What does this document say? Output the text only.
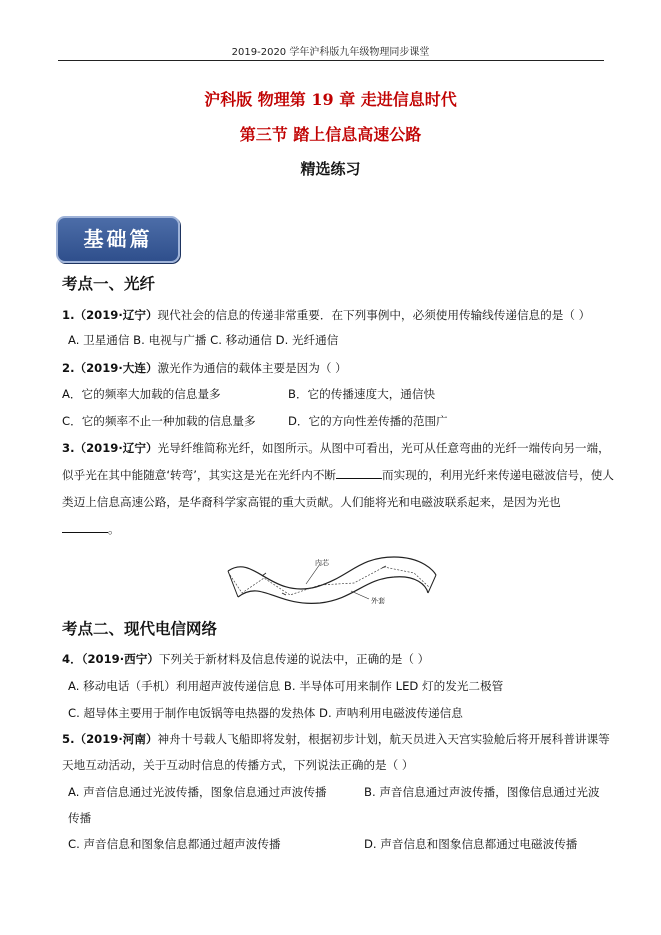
2019-2020 学年沪科版九年级物理同步课堂
沪科版 物理第 19 章 走进信息时代
第三节 踏上信息高速公路
精选练习
基础篇
考点一、光纤
1.（2019·辽宁）现代社会的信息的传递非常重要．在下列事例中，必须使用传输线传递信息的是（ ）
A. 卫星通信 B. 电视与广播 C. 移动通信 D. 光纤通信
2.（2019·大连）激光作为通信的载体主要是因为（ ）
A．它的频率大加载的信息量多	B．它的传播速度大，通信快
C．它的频率不止一种加载的信息量多	D．它的方向性差传播的范围广
3.（2019·辽宁）光导纤维简称光纤，如图所示。从图中可看出，光可从任意弯曲的光纤一端传向另一端，
似乎光在其中能随意‘转弯’，其实这是光在光纤内不断	而实现的，利用光纤来传递电磁波信号，使人
类迈上信息高速公路，是华裔科学家高锟的重大贡献。人们能将光和电磁波联系起来，是因为光也
。
内芯
外套
考点二、现代电信网络
4．（2019·西宁）下列关于新材料及信息传递的说法中，正确的是（ ）
A. 移动电话（手机）利用超声波传递信息 B. 半导体可用来制作 LED 灯的发光二极管
C. 超导体主要用于制作电饭锅等电热器的发热体 D. 声呐利用电磁波传递信息
5.（2019·河南）神舟十号载人飞船即将发射，根据初步计划，航天员进入天宫实验舱后将开展科普讲课等
天地互动活动，关于互动时信息的传播方式，下列说法正确的是（ ）
A. 声音信息通过光波传播，图象信息通过声波传播	B. 声音信息通过声波传播，图像信息通过光波
传播
C. 声音信息和图象信息都通过超声波传播	D. 声音信息和图象信息都通过电磁波传播
